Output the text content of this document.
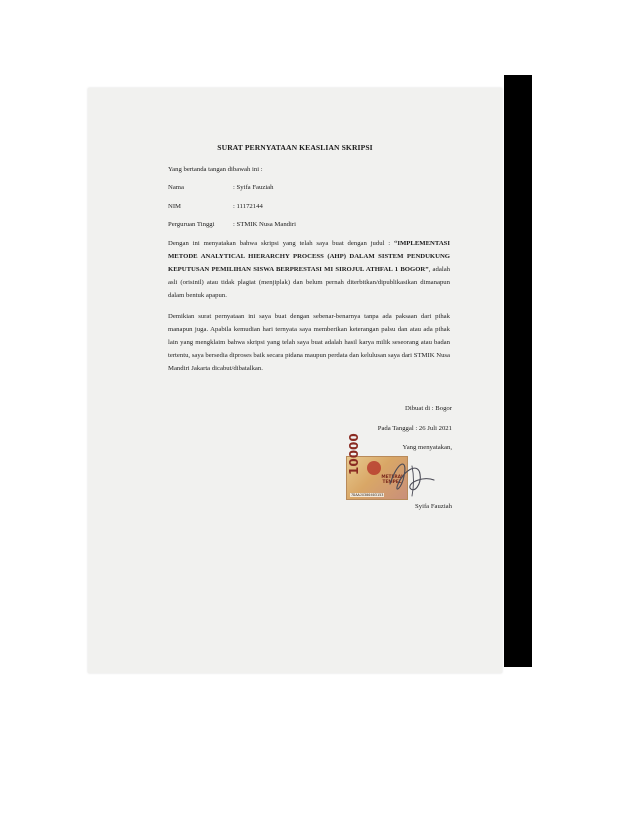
SURAT PERNYATAAN KEASLIAN SKRIPSI
Yang bertanda tangan dibawah ini :
Nama	: Syifa Fauziah
NIM	: 11172144
Perguruan Tinggi	: STMIK Nusa Mandiri
Dengan ini menyatakan bahwa skripsi yang telah saya buat dengan judul : “IMPLEMENTASI METODE ANALYTICAL HIERARCHY PROCESS (AHP) DALAM SISTEM PENDUKUNG KEPUTUSAN PEMILIHAN SISWA BERPRESTASI MI SIROJUL ATHFAL 1 BOGOR”, adalah asli (orisinil) atau tidak plagiat (menjiplak) dan belum pernah diterbitkan/dipublikasikan dimanapun dalam bentuk apapun.
Demikian surat pernyataan ini saya buat dengan sebenar-benarnya tanpa ada paksaan dari pihak manapun juga. Apabila kemudian hari ternyata saya memberikan keterangan palsu dan atau ada pihak lain yang mengklaim bahwa skripsi yang telah saya buat adalah hasil karya milik seseorang atau badan tertentu, saya bersedia diproses baik secara pidana maupun perdata dan kelulusan saya dari STMIK Nusa Mandiri Jakarta dicabut/dibatalkan.
Dibuat di : Bogor
Pada Tanggal : 26 Juli 2021
Yang menyatakan,
10000
METERAI TEMPEL
7DAAJX300403153
Syifa Fauziah
